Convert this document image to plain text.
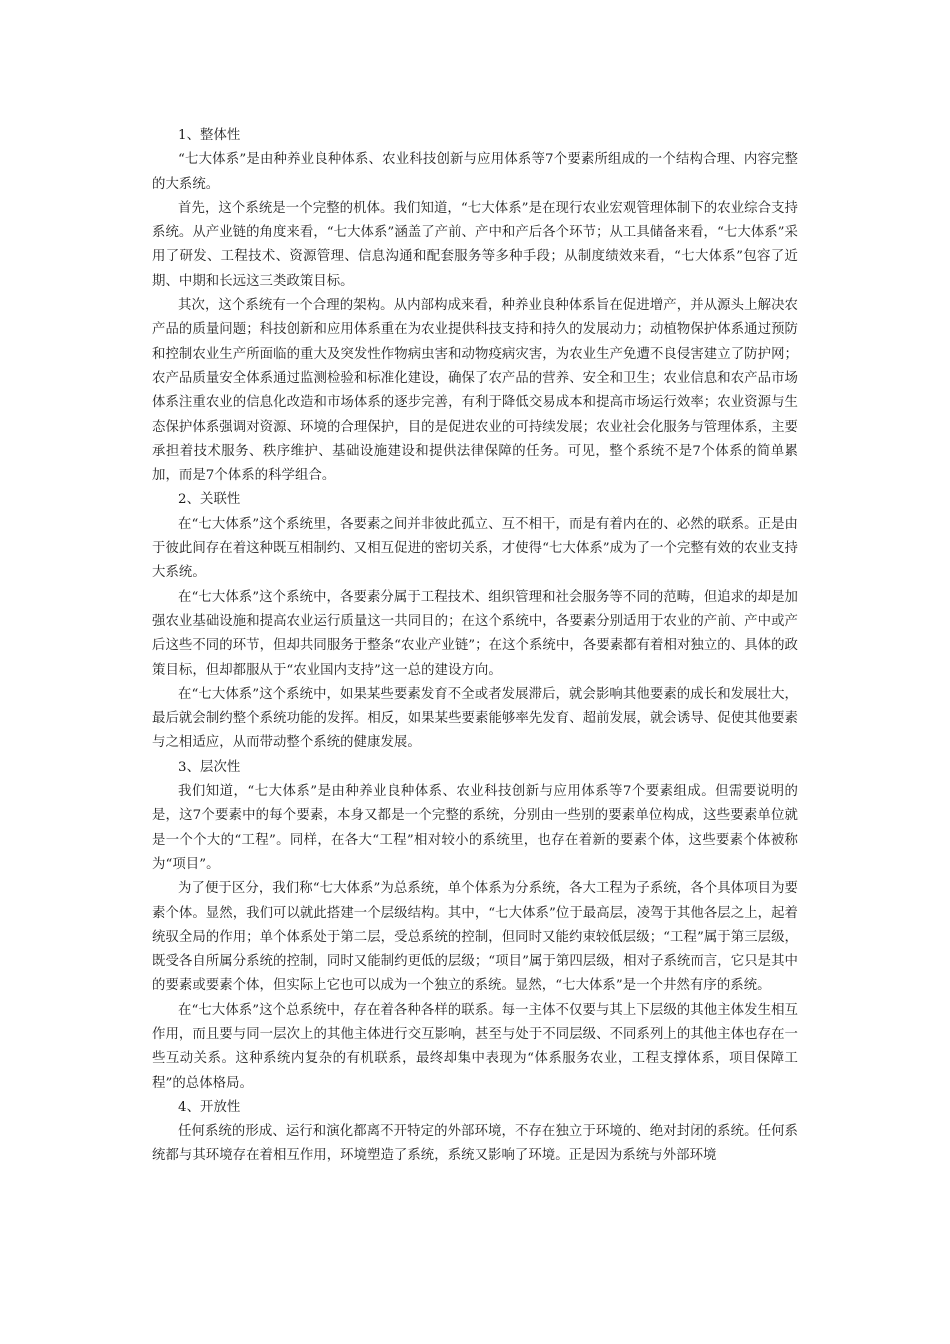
1、整体性

“七大体系”是由种养业良种体系、农业科技创新与应用体系等7个要素所组成的一个结构合理、内容完整的大系统。

首先，这个系统是一个完整的机体。我们知道，“七大体系”是在现行农业宏观管理体制下的农业综合支持系统。从产业链的角度来看，“七大体系”涵盖了产前、产中和产后各个环节；从工具储备来看，“七大体系”采用了研发、工程技术、资源管理、信息沟通和配套服务等多种手段；从制度绩效来看，“七大体系”包容了近期、中期和长远这三类政策目标。

其次，这个系统有一个合理的架构。从内部构成来看，种养业良种体系旨在促进增产，并从源头上解决农产品的质量问题；科技创新和应用体系重在为农业提供科技支持和持久的发展动力；动植物保护体系通过预防和控制农业生产所面临的重大及突发性作物病虫害和动物疫病灾害，为农业生产免遭不良侵害建立了防护网；农产品质量安全体系通过监测检验和标准化建设，确保了农产品的营养、安全和卫生；农业信息和农产品市场体系注重农业的信息化改造和市场体系的逐步完善，有利于降低交易成本和提高市场运行效率；农业资源与生态保护体系强调对资源、环境的合理保护，目的是促进农业的可持续发展；农业社会化服务与管理体系，主要承担着技术服务、秩序维护、基础设施建设和提供法律保障的任务。可见，整个系统不是7个体系的简单累加，而是7个体系的科学组合。

2、关联性

在“七大体系”这个系统里，各要素之间并非彼此孤立、互不相干，而是有着内在的、必然的联系。正是由于彼此间存在着这种既互相制约、又相互促进的密切关系，才使得“七大体系”成为了一个完整有效的农业支持大系统。

在“七大体系”这个系统中，各要素分属于工程技术、组织管理和社会服务等不同的范畴，但追求的却是加强农业基础设施和提高农业运行质量这一共同目的；在这个系统中，各要素分别适用于农业的产前、产中或产后这些不同的环节，但却共同服务于整条“农业产业链”；在这个系统中，各要素都有着相对独立的、具体的政策目标，但却都服从于“农业国内支持”这一总的建设方向。

在“七大体系”这个系统中，如果某些要素发育不全或者发展滞后，就会影响其他要素的成长和发展壮大，最后就会制约整个系统功能的发挥。相反，如果某些要素能够率先发育、超前发展，就会诱导、促使其他要素与之相适应，从而带动整个系统的健康发展。

3、层次性

我们知道，“七大体系”是由种养业良种体系、农业科技创新与应用体系等7个要素组成。但需要说明的是，这7个要素中的每个要素，本身又都是一个完整的系统，分别由一些别的要素单位构成，这些要素单位就是一个个大的“工程”。同样，在各大“工程”相对较小的系统里，也存在着新的要素个体，这些要素个体被称为“项目”。

为了便于区分，我们称“七大体系”为总系统，单个体系为分系统，各大工程为子系统，各个具体项目为要素个体。显然，我们可以就此搭建一个层级结构。其中，“七大体系”位于最高层，凌驾于其他各层之上，起着统驭全局的作用；单个体系处于第二层，受总系统的控制，但同时又能约束较低层级；“工程”属于第三层级，既受各自所属分系统的控制，同时又能制约更低的层级；“项目”属于第四层级，相对子系统而言，它只是其中的要素或要素个体，但实际上它也可以成为一个独立的系统。显然，“七大体系”是一个井然有序的系统。

在“七大体系”这个总系统中，存在着各种各样的联系。每一主体不仅要与其上下层级的其他主体发生相互作用，而且要与同一层次上的其他主体进行交互影响，甚至与处于不同层级、不同系列上的其他主体也存在一些互动关系。这种系统内复杂的有机联系，最终却集中表现为“体系服务农业，工程支撑体系，项目保障工程”的总体格局。

4、开放性

任何系统的形成、运行和演化都离不开特定的外部环境，不存在独立于环境的、绝对封闭的系统。任何系统都与其环境存在着相互作用，环境塑造了系统，系统又影响了环境。正是因为系统与外部环境
